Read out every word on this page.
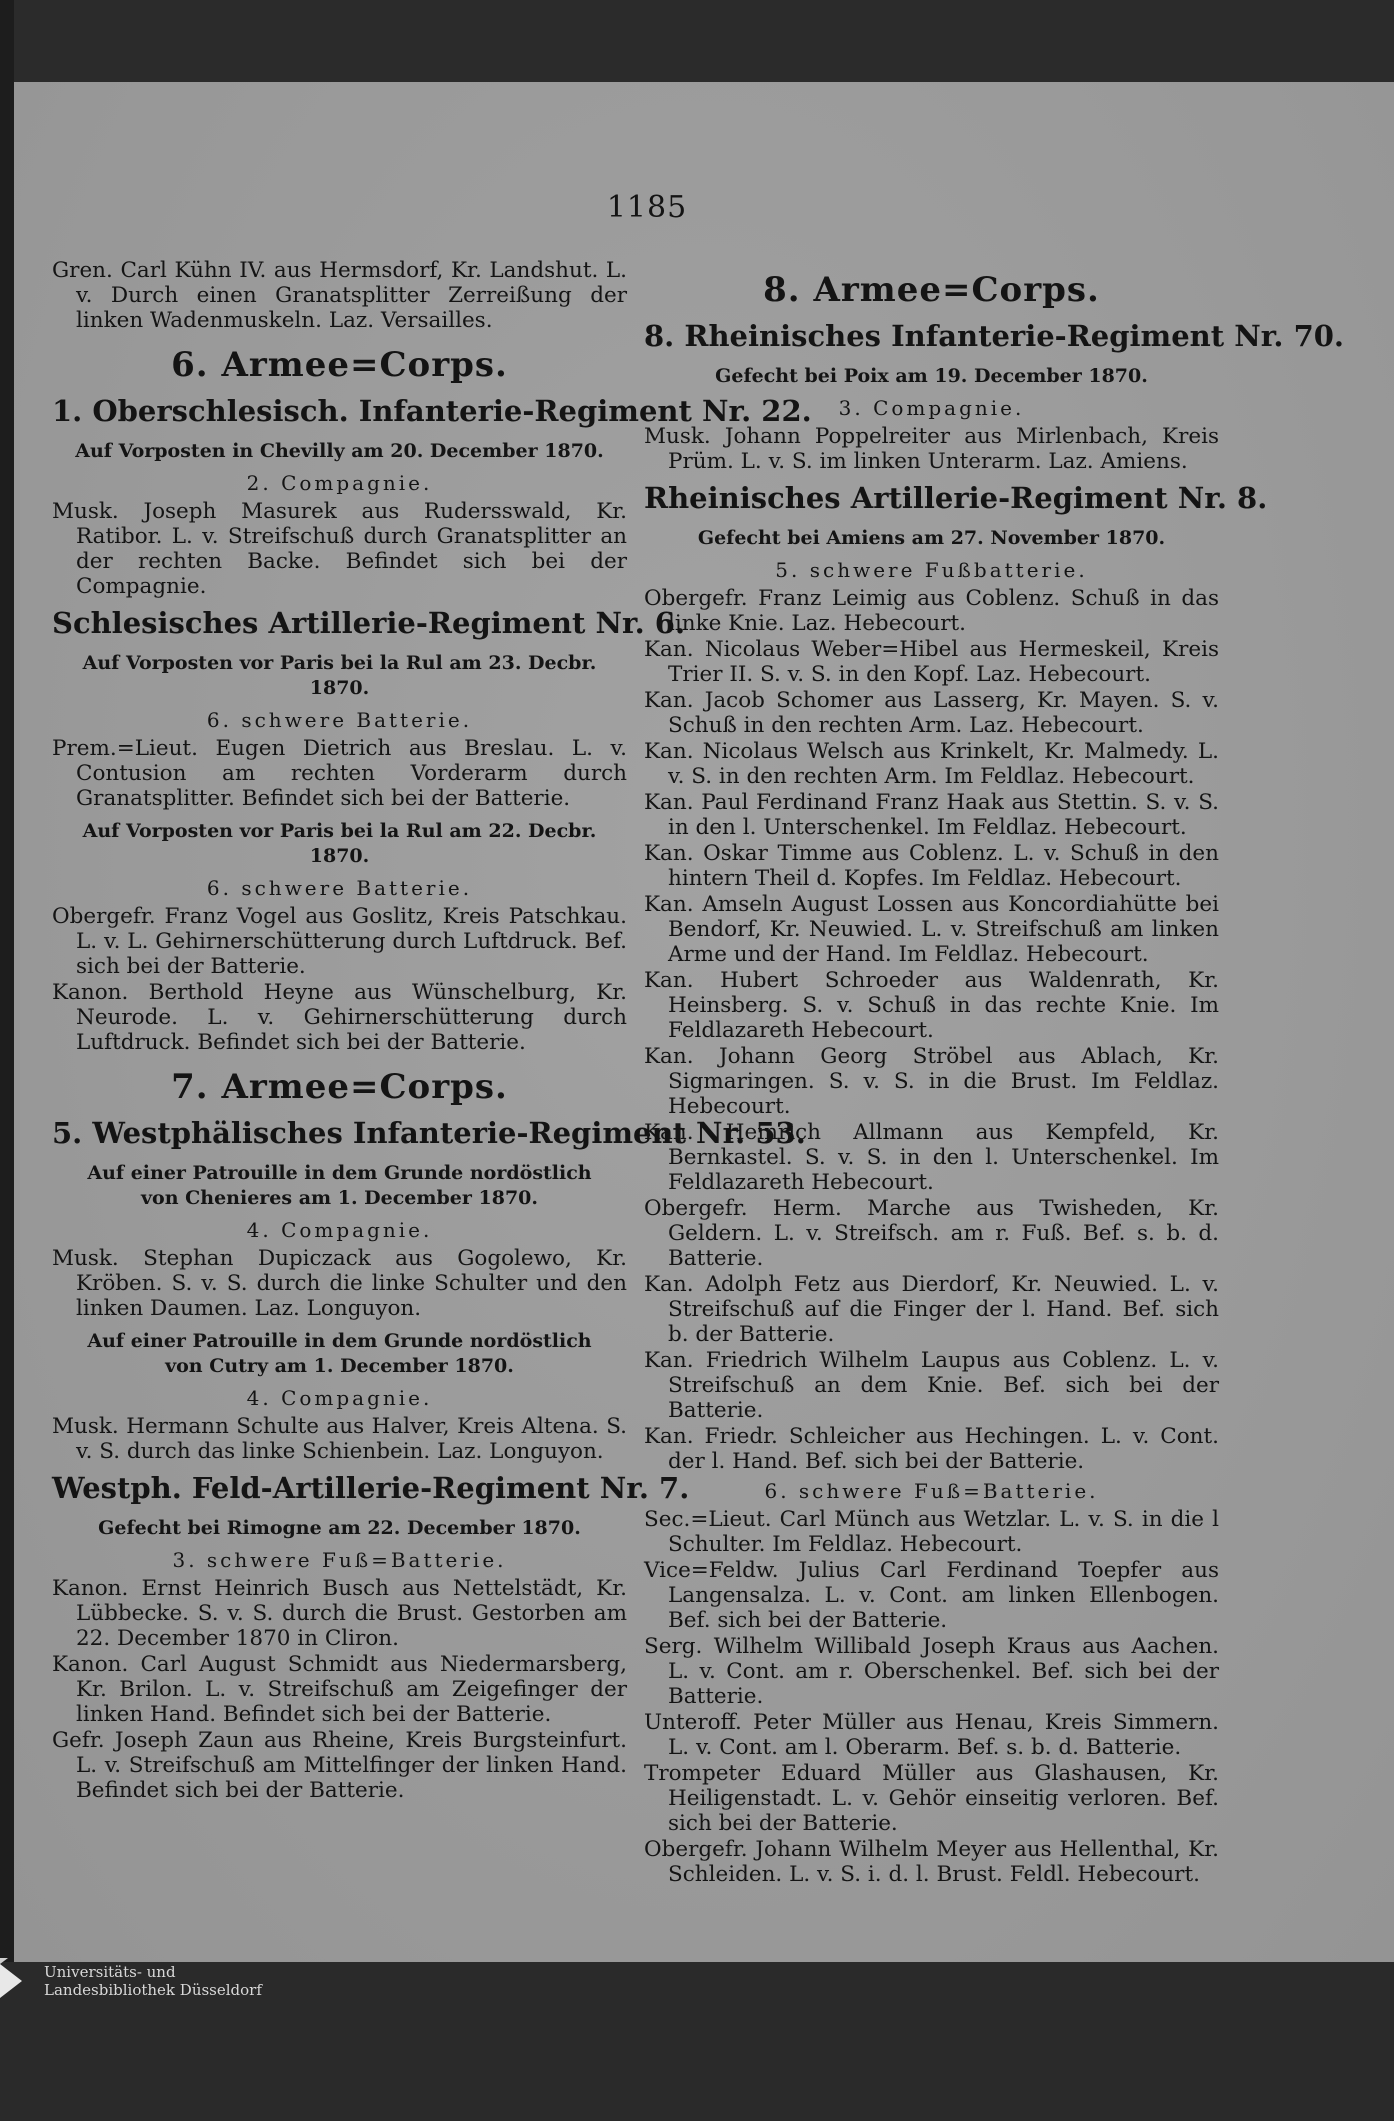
1185
Gren. Carl Kühn IV. aus Hermsdorf, Kr. Landshut. L. v. Durch einen Granatsplitter Zerreißung der linken Wadenmuskeln. Laz. Versailles.
6. Armee=Corps.
1. Oberschlesisch. Infanterie-Regiment Nr. 22.
Auf Vorposten in Chevilly am 20. December 1870.
2. Compagnie.
Musk. Joseph Masurek aus Rudersswald, Kr. Ratibor. L. v. Streifschuß durch Granatsplitter an der rechten Backe. Befindet sich bei der Compagnie.
Schlesisches Artillerie-Regiment Nr. 6.
Auf Vorposten vor Paris bei la Rul am 23. Decbr. 1870.
6. schwere Batterie.
Prem.=Lieut. Eugen Dietrich aus Breslau. L. v. Contusion am rechten Vorderarm durch Granatsplitter. Befindet sich bei der Batterie.
Auf Vorposten vor Paris bei la Rul am 22. Decbr. 1870.
6. schwere Batterie.
Obergefr. Franz Vogel aus Goslitz, Kreis Patschkau. L. v. L. Gehirnerschütterung durch Luftdruck. Bef. sich bei der Batterie.
Kanon. Berthold Heyne aus Wünschelburg, Kr. Neurode. L. v. Gehirnerschütterung durch Luftdruck. Befindet sich bei der Batterie.
7. Armee=Corps.
5. Westphälisches Infanterie-Regiment Nr. 53.
Auf einer Patrouille in dem Grunde nordöstlich von Chenieres am 1. December 1870.
4. Compagnie.
Musk. Stephan Dupiczack aus Gogolewo, Kr. Kröben. S. v. S. durch die linke Schulter und den linken Daumen. Laz. Longuyon.
Auf einer Patrouille in dem Grunde nordöstlich von Cutry am 1. December 1870.
4. Compagnie.
Musk. Hermann Schulte aus Halver, Kreis Altena. S. v. S. durch das linke Schienbein. Laz. Longuyon.
Westph. Feld-Artillerie-Regiment Nr. 7.
Gefecht bei Rimogne am 22. December 1870.
3. schwere Fuß=Batterie.
Kanon. Ernst Heinrich Busch aus Nettelstädt, Kr. Lübbecke. S. v. S. durch die Brust. Gestorben am 22. December 1870 in Cliron.
Kanon. Carl August Schmidt aus Niedermarsberg, Kr. Brilon. L. v. Streifschuß am Zeigefinger der linken Hand. Befindet sich bei der Batterie.
Gefr. Joseph Zaun aus Rheine, Kreis Burgsteinfurt. L. v. Streifschuß am Mittelfinger der linken Hand. Befindet sich bei der Batterie.
8. Armee=Corps.
8. Rheinisches Infanterie-Regiment Nr. 70.
Gefecht bei Poix am 19. December 1870.
3. Compagnie.
Musk. Johann Poppelreiter aus Mirlenbach, Kreis Prüm. L. v. S. im linken Unterarm. Laz. Amiens.
Rheinisches Artillerie-Regiment Nr. 8.
Gefecht bei Amiens am 27. November 1870.
5. schwere Fußbatterie.
Obergefr. Franz Leimig aus Coblenz. Schuß in das linke Knie. Laz. Hebecourt.
Kan. Nicolaus Weber=Hibel aus Hermeskeil, Kreis Trier II. S. v. S. in den Kopf. Laz. Hebecourt.
Kan. Jacob Schomer aus Lasserg, Kr. Mayen. S. v. Schuß in den rechten Arm. Laz. Hebecourt.
Kan. Nicolaus Welsch aus Krinkelt, Kr. Malmedy. L. v. S. in den rechten Arm. Im Feldlaz. Hebecourt.
Kan. Paul Ferdinand Franz Haak aus Stettin. S. v. S. in den l. Unterschenkel. Im Feldlaz. Hebecourt.
Kan. Oskar Timme aus Coblenz. L. v. Schuß in den hintern Theil d. Kopfes. Im Feldlaz. Hebecourt.
Kan. Amseln August Lossen aus Koncordiahütte bei Bendorf, Kr. Neuwied. L. v. Streifschuß am linken Arme und der Hand. Im Feldlaz. Hebecourt.
Kan. Hubert Schroeder aus Waldenrath, Kr. Heinsberg. S. v. Schuß in das rechte Knie. Im Feldlazareth Hebecourt.
Kan. Johann Georg Ströbel aus Ablach, Kr. Sigmaringen. S. v. S. in die Brust. Im Feldlaz. Hebecourt.
Kan. Heinrich Allmann aus Kempfeld, Kr. Bernkastel. S. v. S. in den l. Unterschenkel. Im Feldlazareth Hebecourt.
Obergefr. Herm. Marche aus Twisheden, Kr. Geldern. L. v. Streifsch. am r. Fuß. Bef. s. b. d. Batterie.
Kan. Adolph Fetz aus Dierdorf, Kr. Neuwied. L. v. Streifschuß auf die Finger der l. Hand. Bef. sich b. der Batterie.
Kan. Friedrich Wilhelm Laupus aus Coblenz. L. v. Streifschuß an dem Knie. Bef. sich bei der Batterie.
Kan. Friedr. Schleicher aus Hechingen. L. v. Cont. der l. Hand. Bef. sich bei der Batterie.
6. schwere Fuß=Batterie.
Sec.=Lieut. Carl Münch aus Wetzlar. L. v. S. in die l Schulter. Im Feldlaz. Hebecourt.
Vice=Feldw. Julius Carl Ferdinand Toepfer aus Langensalza. L. v. Cont. am linken Ellenbogen. Bef. sich bei der Batterie.
Serg. Wilhelm Willibald Joseph Kraus aus Aachen. L. v. Cont. am r. Oberschenkel. Bef. sich bei der Batterie.
Unteroff. Peter Müller aus Henau, Kreis Simmern. L. v. Cont. am l. Oberarm. Bef. s. b. d. Batterie.
Trompeter Eduard Müller aus Glashausen, Kr. Heiligenstadt. L. v. Gehör einseitig verloren. Bef. sich bei der Batterie.
Obergefr. Johann Wilhelm Meyer aus Hellenthal, Kr. Schleiden. L. v. S. i. d. l. Brust. Feldl. Hebecourt.
Universitäts- und
Landesbibliothek Düsseldorf
